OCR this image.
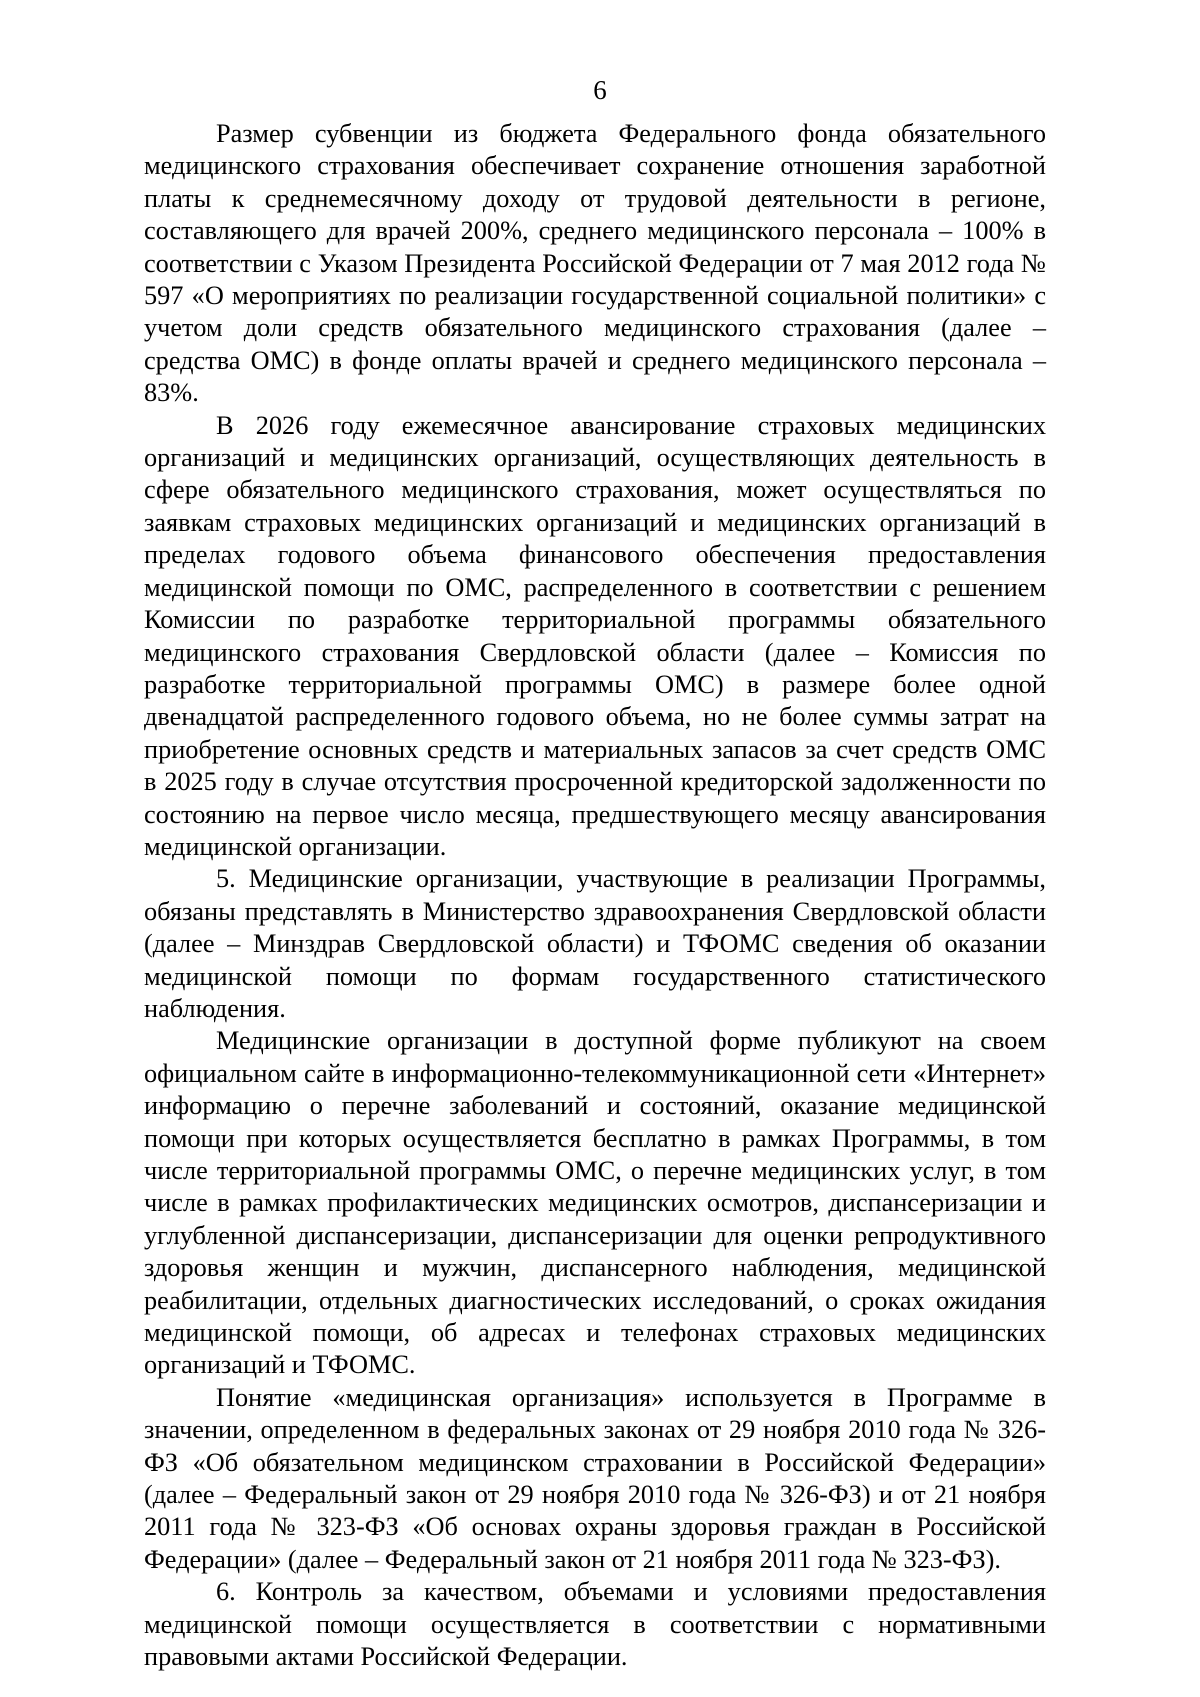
6

Размер субвенции из бюджета Федерального фонда обязательного медицинского страхования обеспечивает сохранение отношения заработной платы к среднемесячному доходу от трудовой деятельности в регионе, составляющего для врачей 200%, среднего медицинского персонала – 100% в соответствии с Указом Президента Российской Федерации от 7 мая 2012 года № 597 «О мероприятиях по реализации государственной социальной политики» с учетом доли средств обязательного медицинского страхования (далее – средства ОМС) в фонде оплаты врачей и среднего медицинского персонала – 83%.

В 2026 году ежемесячное авансирование страховых медицинских организаций и медицинских организаций, осуществляющих деятельность в сфере обязательного медицинского страхования, может осуществляться по заявкам страховых медицинских организаций и медицинских организаций в пределах годового объема финансового обеспечения предоставления медицинской помощи по ОМС, распределенного в соответствии с решением Комиссии по разработке территориальной программы обязательного медицинского страхования Свердловской области (далее – Комиссия по разработке территориальной программы ОМС) в размере более одной двенадцатой распределенного годового объема, но не более суммы затрат на приобретение основных средств и материальных запасов за счет средств ОМС в 2025 году в случае отсутствия просроченной кредиторской задолженности по состоянию на первое число месяца, предшествующего месяцу авансирования медицинской организации.

5. Медицинские организации, участвующие в реализации Программы, обязаны представлять в Министерство здравоохранения Свердловской области (далее – Минздрав Свердловской области) и ТФОМС сведения об оказании медицинской помощи по формам государственного статистического наблюдения.

Медицинские организации в доступной форме публикуют на своем официальном сайте в информационно-телекоммуникационной сети «Интернет» информацию о перечне заболеваний и состояний, оказание медицинской помощи при которых осуществляется бесплатно в рамках Программы, в том числе территориальной программы ОМС, о перечне медицинских услуг, в том числе в рамках профилактических медицинских осмотров, диспансеризации и углубленной диспансеризации, диспансеризации для оценки репродуктивного здоровья женщин и мужчин, диспансерного наблюдения, медицинской реабилитации, отдельных диагностических исследований, о сроках ожидания медицинской помощи, об адресах и телефонах страховых медицинских организаций и ТФОМС.

Понятие «медицинская организация» используется в Программе в значении, определенном в федеральных законах от 29 ноября 2010 года № 326-ФЗ «Об обязательном медицинском страховании в Российской Федерации» (далее – Федеральный закон от 29 ноября 2010 года № 326-ФЗ) и от 21 ноября 2011 года № 323-ФЗ «Об основах охраны здоровья граждан в Российской Федерации» (далее – Федеральный закон от 21 ноября 2011 года № 323-ФЗ).

6. Контроль за качеством, объемами и условиями предоставления медицинской помощи осуществляется в соответствии с нормативными правовыми актами Российской Федерации.
